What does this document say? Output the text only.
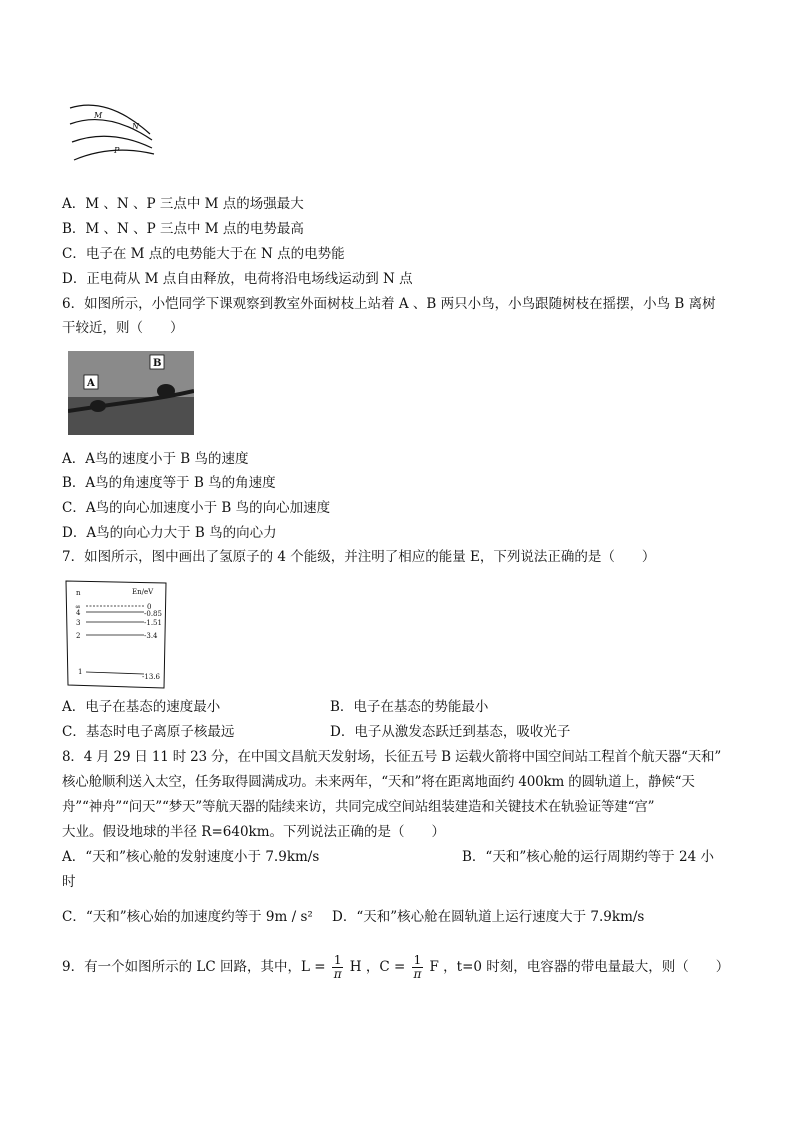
M
N
P
A．M 、N 、P 三点中 M 点的场强最大
B．M 、N 、P 三点中 M 点的电势最高
C．电子在 M 点的电势能大于在 N 点的电势能
D．正电荷从 M 点自由释放，电荷将沿电场线运动到 N 点
6．如图所示，小恺同学下课观察到教室外面树枝上站着 A 、B 两只小鸟，小鸟跟随树枝在摇摆，小鸟 B 离树
干较近，则（　　）
A
B
A．A鸟的速度小于 B 鸟的速度
B．A鸟的角速度等于 B 鸟的角速度
C．A鸟的向心加速度小于 B 鸟的向心加速度
D．A鸟的向心力大于 B 鸟的向心力
7．如图所示，图中画出了氢原子的 4 个能级，并注明了相应的能量 E，下列说法正确的是（　　）
n	En/eV
∞	0
4	-0.85
3	-1.51
2	-3.4
1
-13.6
A．电子在基态的速度最小	B．电子在基态的势能最小
C．基态时电子离原子核最远	D．电子从激发态跃迁到基态，吸收光子
8．4 月 29 日 11 时 23 分，在中国文昌航天发射场，长征五号 B 运载火箭将中国空间站工程首个航天器“天和”
核心舱顺利送入太空，任务取得圆满成功。未来两年，“天和”将在距离地面约 400km 的圆轨道上，静候“天
舟”“神舟”“问天”“梦天”等航天器的陆续来访，共同完成空间站组装建造和关键技术在轨验证等建“宫”
大业。假设地球的半径 R=640km。下列说法正确的是（　　）
A．“天和”核心舱的发射速度小于 7.9km/s	B．“天和”核心舱的运行周期约等于 24 小
时
C．“天和”核心始的加速度约等于 9m / s² D．“天和”核心舱在圆轨道上运行速度大于 7.9km/s
9．有一个如图所示的 LC 回路，其中，$L = \frac{1}{\pi}$ H ，$C = \frac{1}{\pi}$ F ，t=0 时刻，电容器的带电量最大，则（　　）
